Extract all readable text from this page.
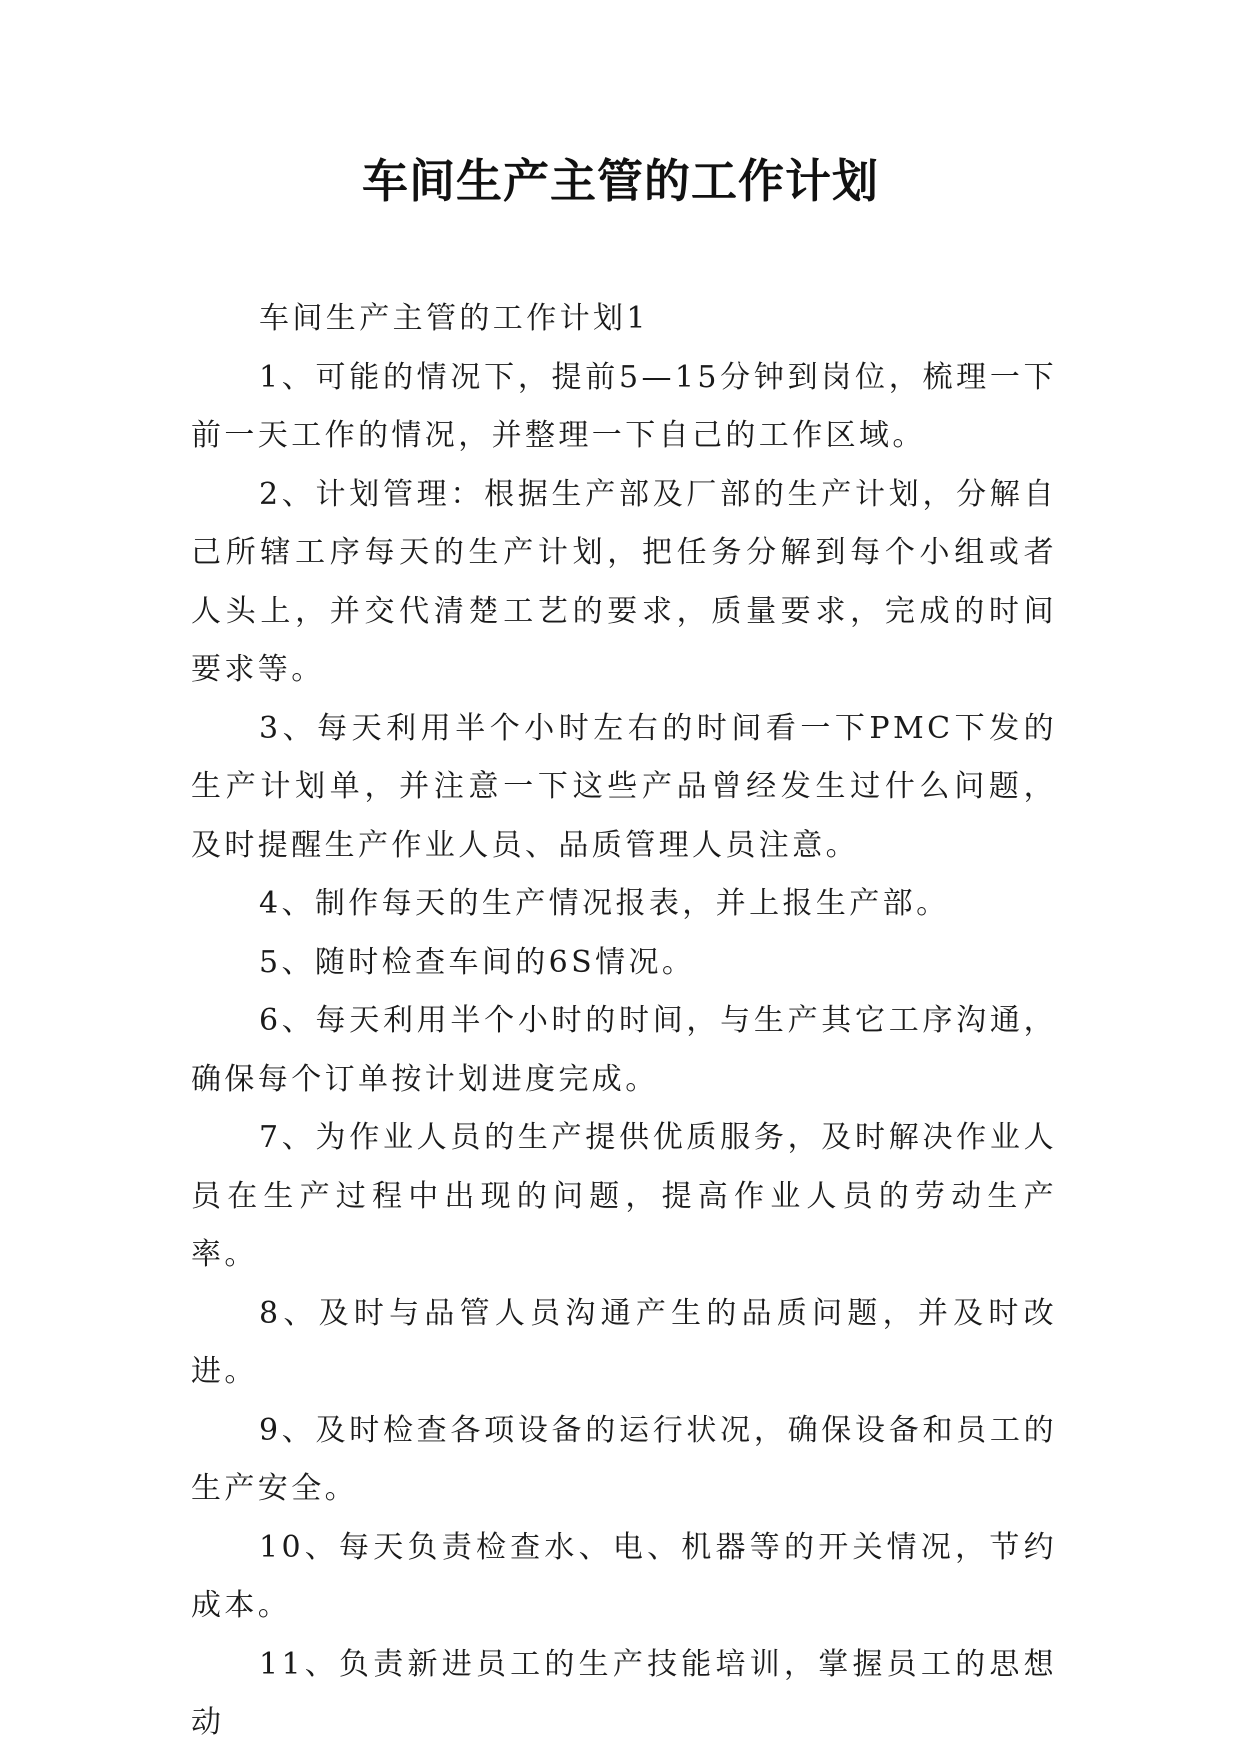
车间生产主管的工作计划

车间生产主管的工作计划1

1、可能的情况下，提前5—15分钟到岗位，梳理一下前一天工作的情况，并整理一下自己的工作区域。

2、计划管理：根据生产部及厂部的生产计划，分解自己所辖工序每天的生产计划，把任务分解到每个小组或者人头上，并交代清楚工艺的要求，质量要求，完成的时间要求等。

3、每天利用半个小时左右的时间看一下PMC下发的生产计划单，并注意一下这些产品曾经发生过什么问题，及时提醒生产作业人员、品质管理人员注意。

4、制作每天的生产情况报表，并上报生产部。

5、随时检查车间的6S情况。

6、每天利用半个小时的时间，与生产其它工序沟通，确保每个订单按计划进度完成。

7、为作业人员的生产提供优质服务，及时解决作业人员在生产过程中出现的问题，提高作业人员的劳动生产率。

8、及时与品管人员沟通产生的品质问题，并及时改进。

9、及时检查各项设备的运行状况，确保设备和员工的生产安全。

10、每天负责检查水、电、机器等的开关情况，节约成本。

11、负责新进员工的生产技能培训，掌握员工的思想动
